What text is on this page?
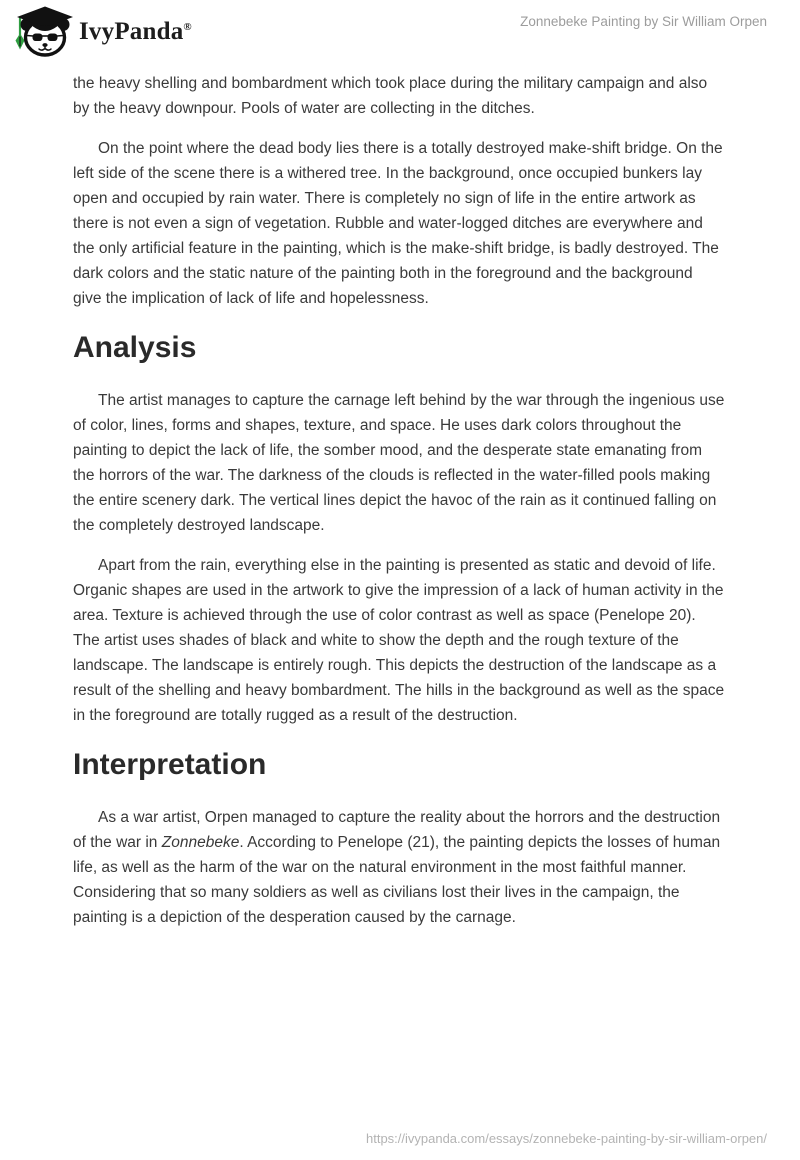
IvyPanda®	Zonnebeke Painting by Sir William Orpen

the heavy shelling and bombardment which took place during the military campaign and also by the heavy downpour. Pools of water are collecting in the ditches.

On the point where the dead body lies there is a totally destroyed make-shift bridge. On the left side of the scene there is a withered tree. In the background, once occupied bunkers lay open and occupied by rain water. There is completely no sign of life in the entire artwork as there is not even a sign of vegetation. Rubble and water-logged ditches are everywhere and the only artificial feature in the painting, which is the make-shift bridge, is badly destroyed. The dark colors and the static nature of the painting both in the foreground and the background give the implication of lack of life and hopelessness.

Analysis

The artist manages to capture the carnage left behind by the war through the ingenious use of color, lines, forms and shapes, texture, and space. He uses dark colors throughout the painting to depict the lack of life, the somber mood, and the desperate state emanating from the horrors of the war. The darkness of the clouds is reflected in the water-filled pools making the entire scenery dark. The vertical lines depict the havoc of the rain as it continued falling on the completely destroyed landscape.

Apart from the rain, everything else in the painting is presented as static and devoid of life. Organic shapes are used in the artwork to give the impression of a lack of human activity in the area. Texture is achieved through the use of color contrast as well as space (Penelope 20). The artist uses shades of black and white to show the depth and the rough texture of the landscape. The landscape is entirely rough. This depicts the destruction of the landscape as a result of the shelling and heavy bombardment. The hills in the background as well as the space in the foreground are totally rugged as a result of the destruction.

Interpretation

As a war artist, Orpen managed to capture the reality about the horrors and the destruction of the war in Zonnebeke. According to Penelope (21), the painting depicts the losses of human life, as well as the harm of the war on the natural environment in the most faithful manner. Considering that so many soldiers as well as civilians lost their lives in the campaign, the painting is a depiction of the desperation caused by the carnage.

https://ivypanda.com/essays/zonnebeke-painting-by-sir-william-orpen/
